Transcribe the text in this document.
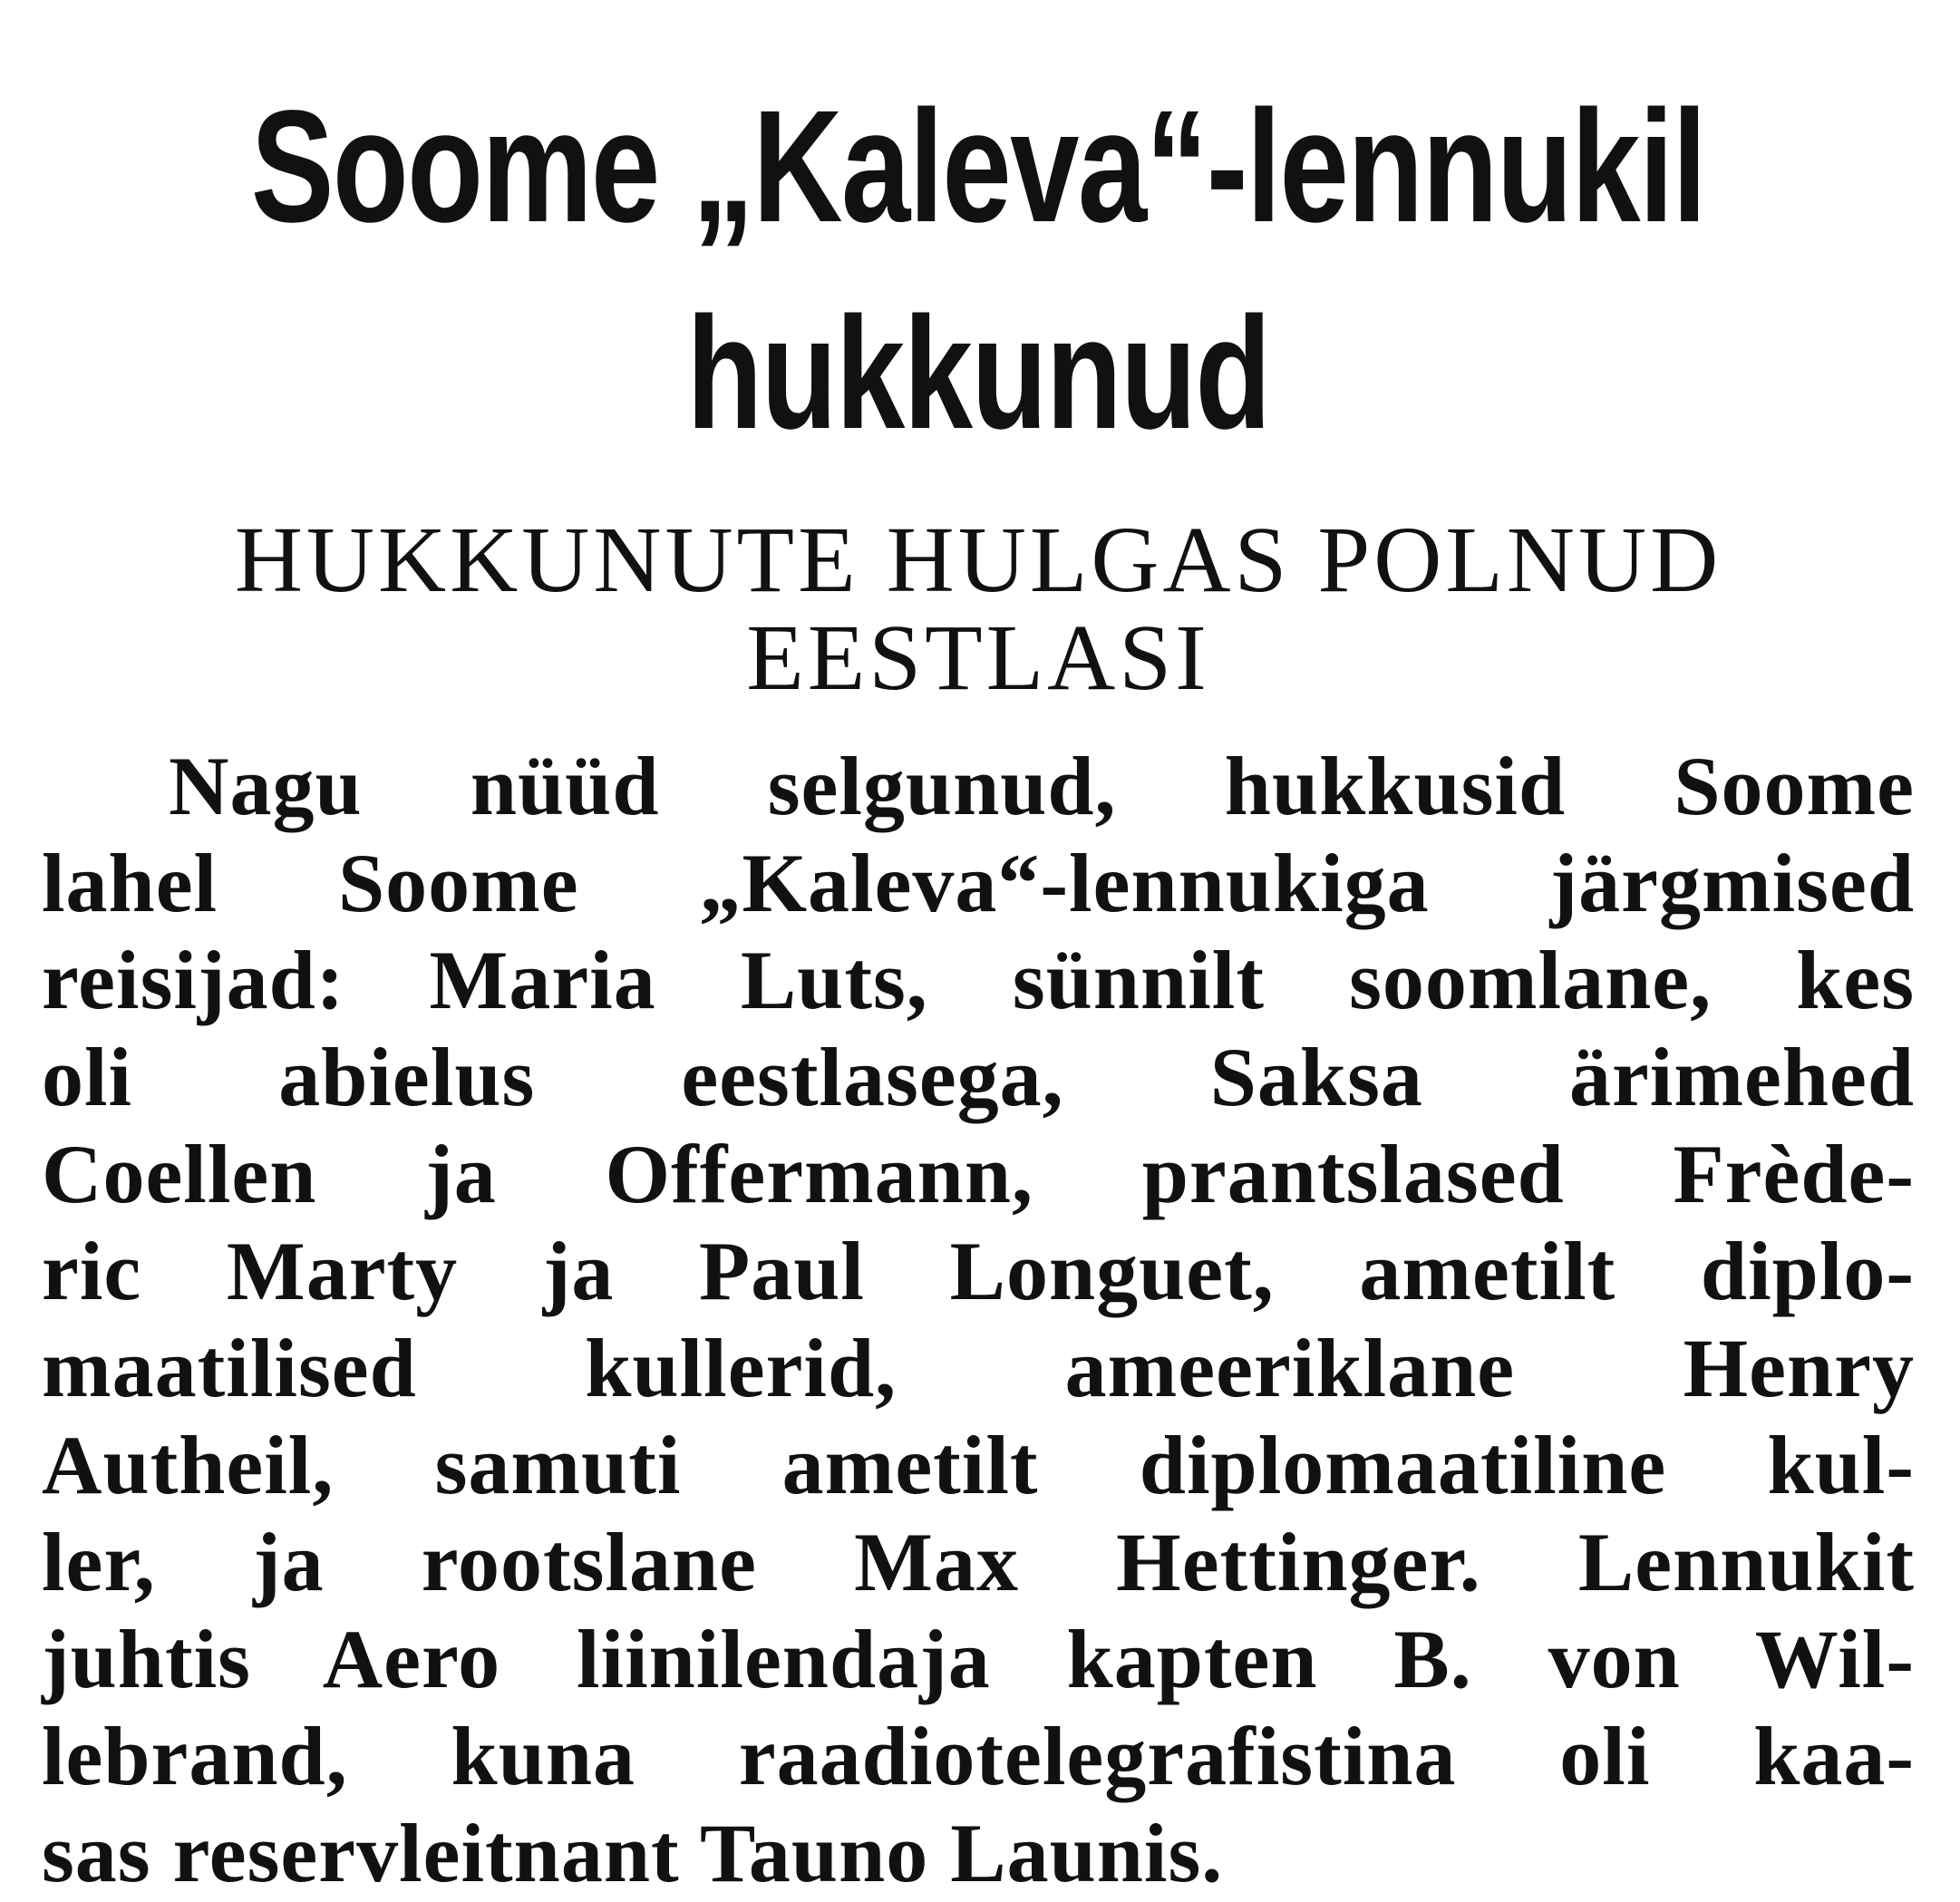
Soome „Kaleva“-lennukil
hukkunud
HUKKUNUTE HULGAS POLNUD
EESTLASI
Nagu nüüd selgunud, hukkusid Soome
lahel Soome „Kaleva“-lennukiga järgmised
reisijad: Maria Luts, sünnilt soomlane, kes
oli abielus eestlasega, Saksa ärimehed
Coellen ja Offermann, prantslased Frède-
ric Marty ja Paul Longuet, ametilt diplo-
maatilised kullerid, ameeriklane Henry
Autheil, samuti ametilt diplomaatiline kul-
ler, ja rootslane Max Hettinger. Lennukit
juhtis Aero liinilendaja kapten B. von Wil-
lebrand, kuna raadiotelegrafistina oli kaa-
sas reservleitnant Tauno Launis.
